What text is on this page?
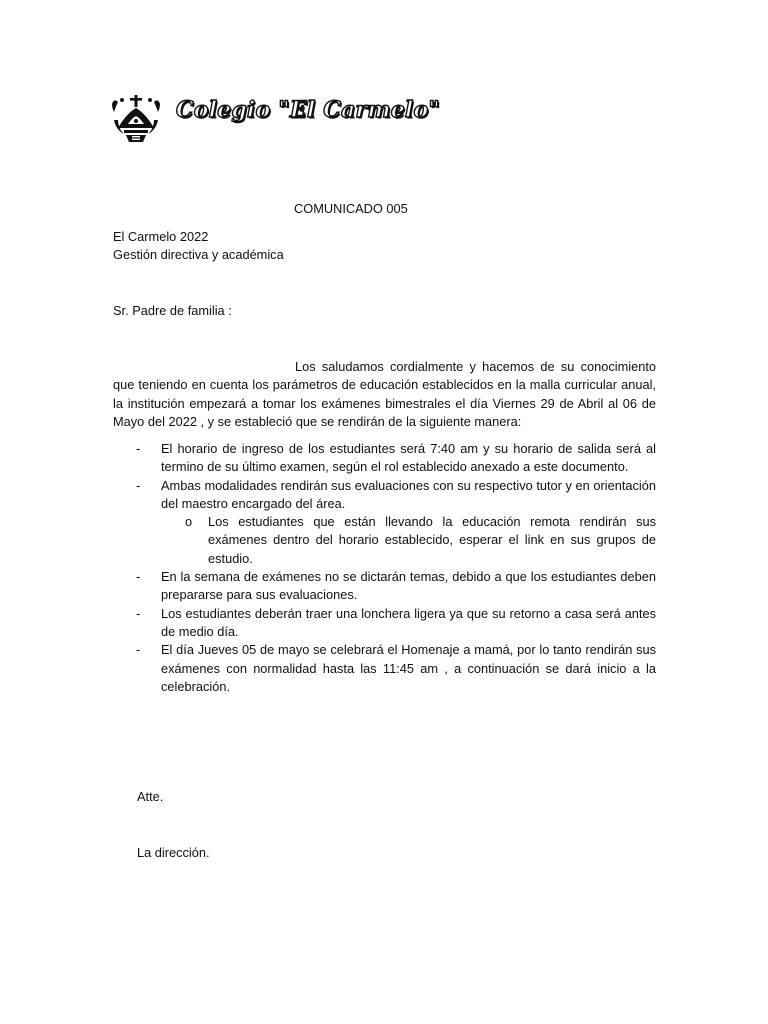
Colegio "El Carmelo"
COMUNICADO 005
El Carmelo 2022
Gestión directiva y académica
Sr. Padre de familia :
Los saludamos cordialmente y hacemos de su conocimiento que teniendo en cuenta los parámetros de educación establecidos en la malla curricular anual, la institución empezará a tomar los exámenes bimestrales el día Viernes 29 de Abril al 06 de Mayo del 2022 , y se estableció que se rendirán de la siguiente manera:
- El horario de ingreso de los estudiantes será 7:40 am y su horario de salida será al termino de su último examen, según el rol establecido anexado a este documento.
- Ambas modalidades rendirán sus evaluaciones con su respectivo tutor y en orientación del maestro encargado del área.
o Los estudiantes que están llevando la educación remota rendirán sus exámenes dentro del horario establecido, esperar el link en sus grupos de estudio.
- En la semana de exámenes no se dictarán temas, debido a que los estudiantes deben prepararse para sus evaluaciones.
- Los estudiantes deberán traer una lonchera ligera ya que su retorno a casa será antes de medio día.
- El día Jueves 05 de mayo se celebrará el Homenaje a mamá, por lo tanto rendirán sus exámenes con normalidad hasta las 11:45 am , a continuación se dará inicio a la celebración.
Atte.
La dirección.
